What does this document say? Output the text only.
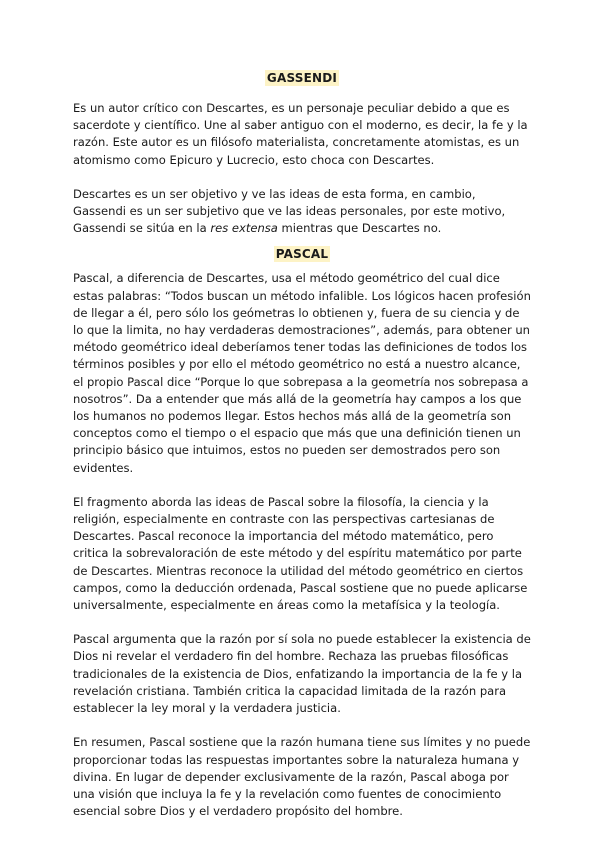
GASSENDI

Es un autor crítico con Descartes, es un personaje peculiar debido a que es sacerdote y científico. Une al saber antiguo con el moderno, es decir, la fe y la razón. Este autor es un filósofo materialista, concretamente atomistas, es un atomismo como Epicuro y Lucrecio, esto choca con Descartes.

Descartes es un ser objetivo y ve las ideas de esta forma, en cambio, Gassendi es un ser subjetivo que ve las ideas personales, por este motivo, Gassendi se sitúa en la res extensa mientras que Descartes no.

PASCAL

Pascal, a diferencia de Descartes, usa el método geométrico del cual dice estas palabras: “Todos buscan un método infalible. Los lógicos hacen profesión de llegar a él, pero sólo los geómetras lo obtienen y, fuera de su ciencia y de lo que la limita, no hay verdaderas demostraciones”, además, para obtener un método geométrico ideal deberíamos tener todas las definiciones de todos los términos posibles y por ello el método geométrico no está a nuestro alcance, el propio Pascal dice “Porque lo que sobrepasa a la geometría nos sobrepasa a nosotros”. Da a entender que más allá de la geometría hay campos a los que los humanos no podemos llegar. Estos hechos más allá de la geometría son conceptos como el tiempo o el espacio que más que una definición tienen un principio básico que intuimos, estos no pueden ser demostrados pero son evidentes.

El fragmento aborda las ideas de Pascal sobre la filosofía, la ciencia y la religión, especialmente en contraste con las perspectivas cartesianas de Descartes. Pascal reconoce la importancia del método matemático, pero critica la sobrevaloración de este método y del espíritu matemático por parte de Descartes. Mientras reconoce la utilidad del método geométrico en ciertos campos, como la deducción ordenada, Pascal sostiene que no puede aplicarse universalmente, especialmente en áreas como la metafísica y la teología.

Pascal argumenta que la razón por sí sola no puede establecer la existencia de Dios ni revelar el verdadero fin del hombre. Rechaza las pruebas filosóficas tradicionales de la existencia de Dios, enfatizando la importancia de la fe y la revelación cristiana. También critica la capacidad limitada de la razón para establecer la ley moral y la verdadera justicia.

En resumen, Pascal sostiene que la razón humana tiene sus límites y no puede proporcionar todas las respuestas importantes sobre la naturaleza humana y divina. En lugar de depender exclusivamente de la razón, Pascal aboga por una visión que incluya la fe y la revelación como fuentes de conocimiento esencial sobre Dios y el verdadero propósito del hombre.
